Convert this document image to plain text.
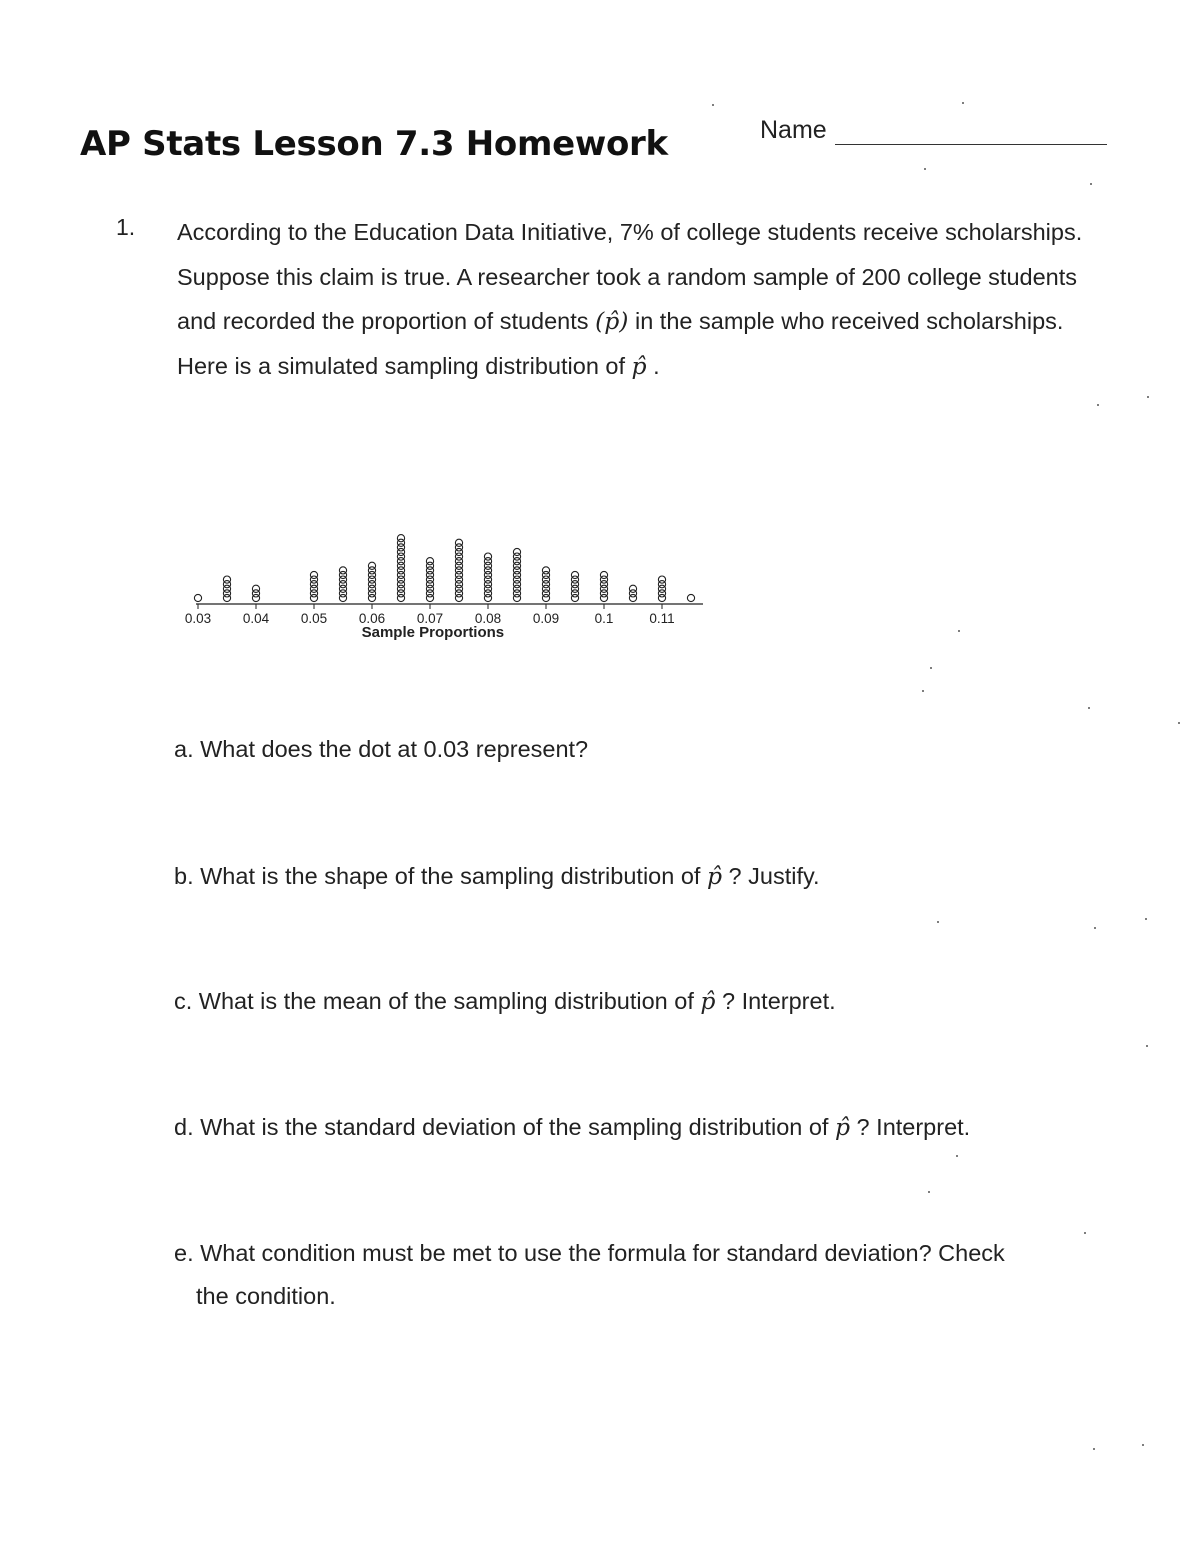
AP Stats Lesson 7.3 Homework	Name
1. According to the Education Data Initiative, 7% of college students receive scholarships. Suppose this claim is true. A researcher took a random sample of 200 college students and recorded the proportion of students (p̂) in the sample who received scholarships. Here is a simulated sampling distribution of p̂ .

0.03 0.04 0.05 0.06 0.07 0.08 0.09	0.1	0.11
Sample Proportions

a. What does the dot at 0.03 represent?

b. What is the shape of the sampling distribution of p̂ ? Justify.

c. What is the mean of the sampling distribution of p̂ ? Interpret.

d. What is the standard deviation of the sampling distribution of p̂ ? Interpret.

e. What condition must be met to use the formula for standard deviation? Check

the condition.
